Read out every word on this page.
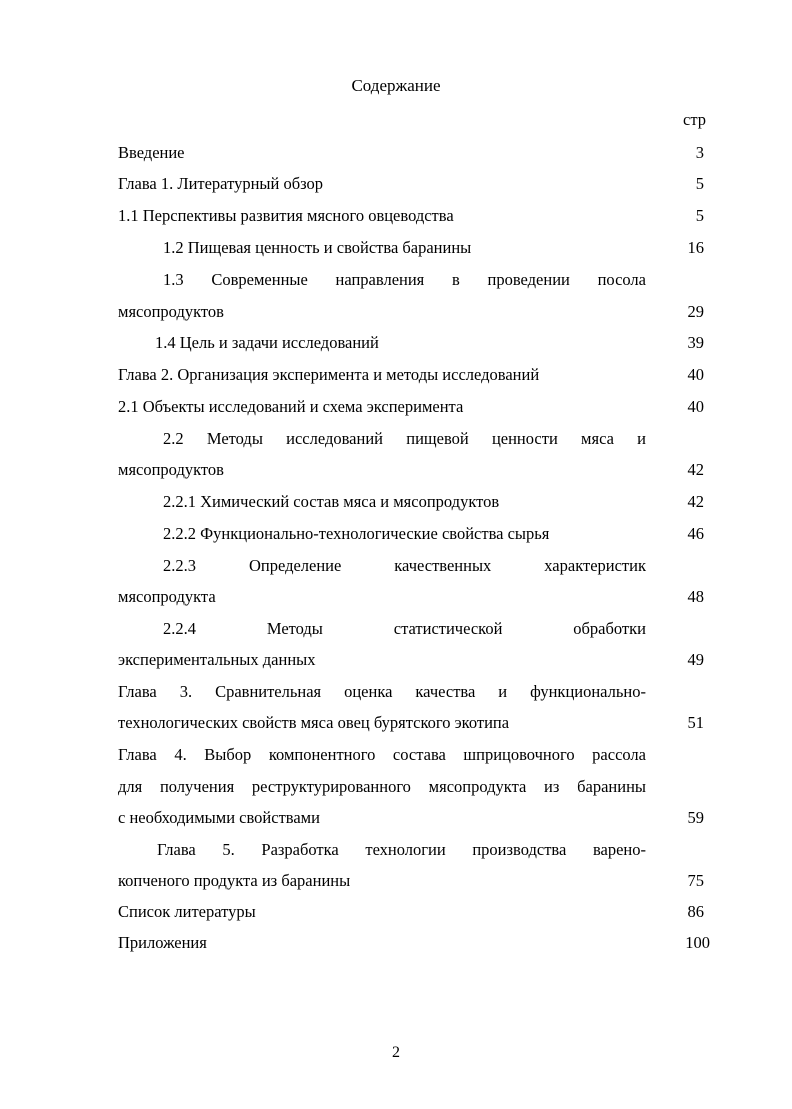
Содержание
стр
Введение	3
Глава 1. Литературный обзор	5
1.1 Перспективы развития мясного овцеводства	5
1.2 Пищевая ценность и свойства баранины	16
1.3 Современные направления в проведении посола
мясопродуктов	29
1.4 Цель и задачи исследований	39
Глава 2. Организация эксперимента и методы исследований	40
2.1 Объекты исследований и схема эксперимента	40
2.2 Методы исследований пищевой ценности мяса и
мясопродуктов	42
2.2.1 Химический состав мяса и мясопродуктов	42
2.2.2 Функционально-технологические свойства сырья	46
2.2.3 Определение качественных характеристик
мясопродукта	48
2.2.4 Методы статистической обработки
экспериментальных данных	49
Глава 3. Сравнительная оценка качества и функционально-
технологических свойств мяса овец бурятского экотипа	51
Глава 4. Выбор компонентного состава шприцовочного рассола
для получения реструктурированного мясопродукта из баранины
с необходимыми свойствами	59
Глава 5. Разработка технологии производства варено-
копченого продукта из баранины	75
Список литературы	86
Приложения	100
2
